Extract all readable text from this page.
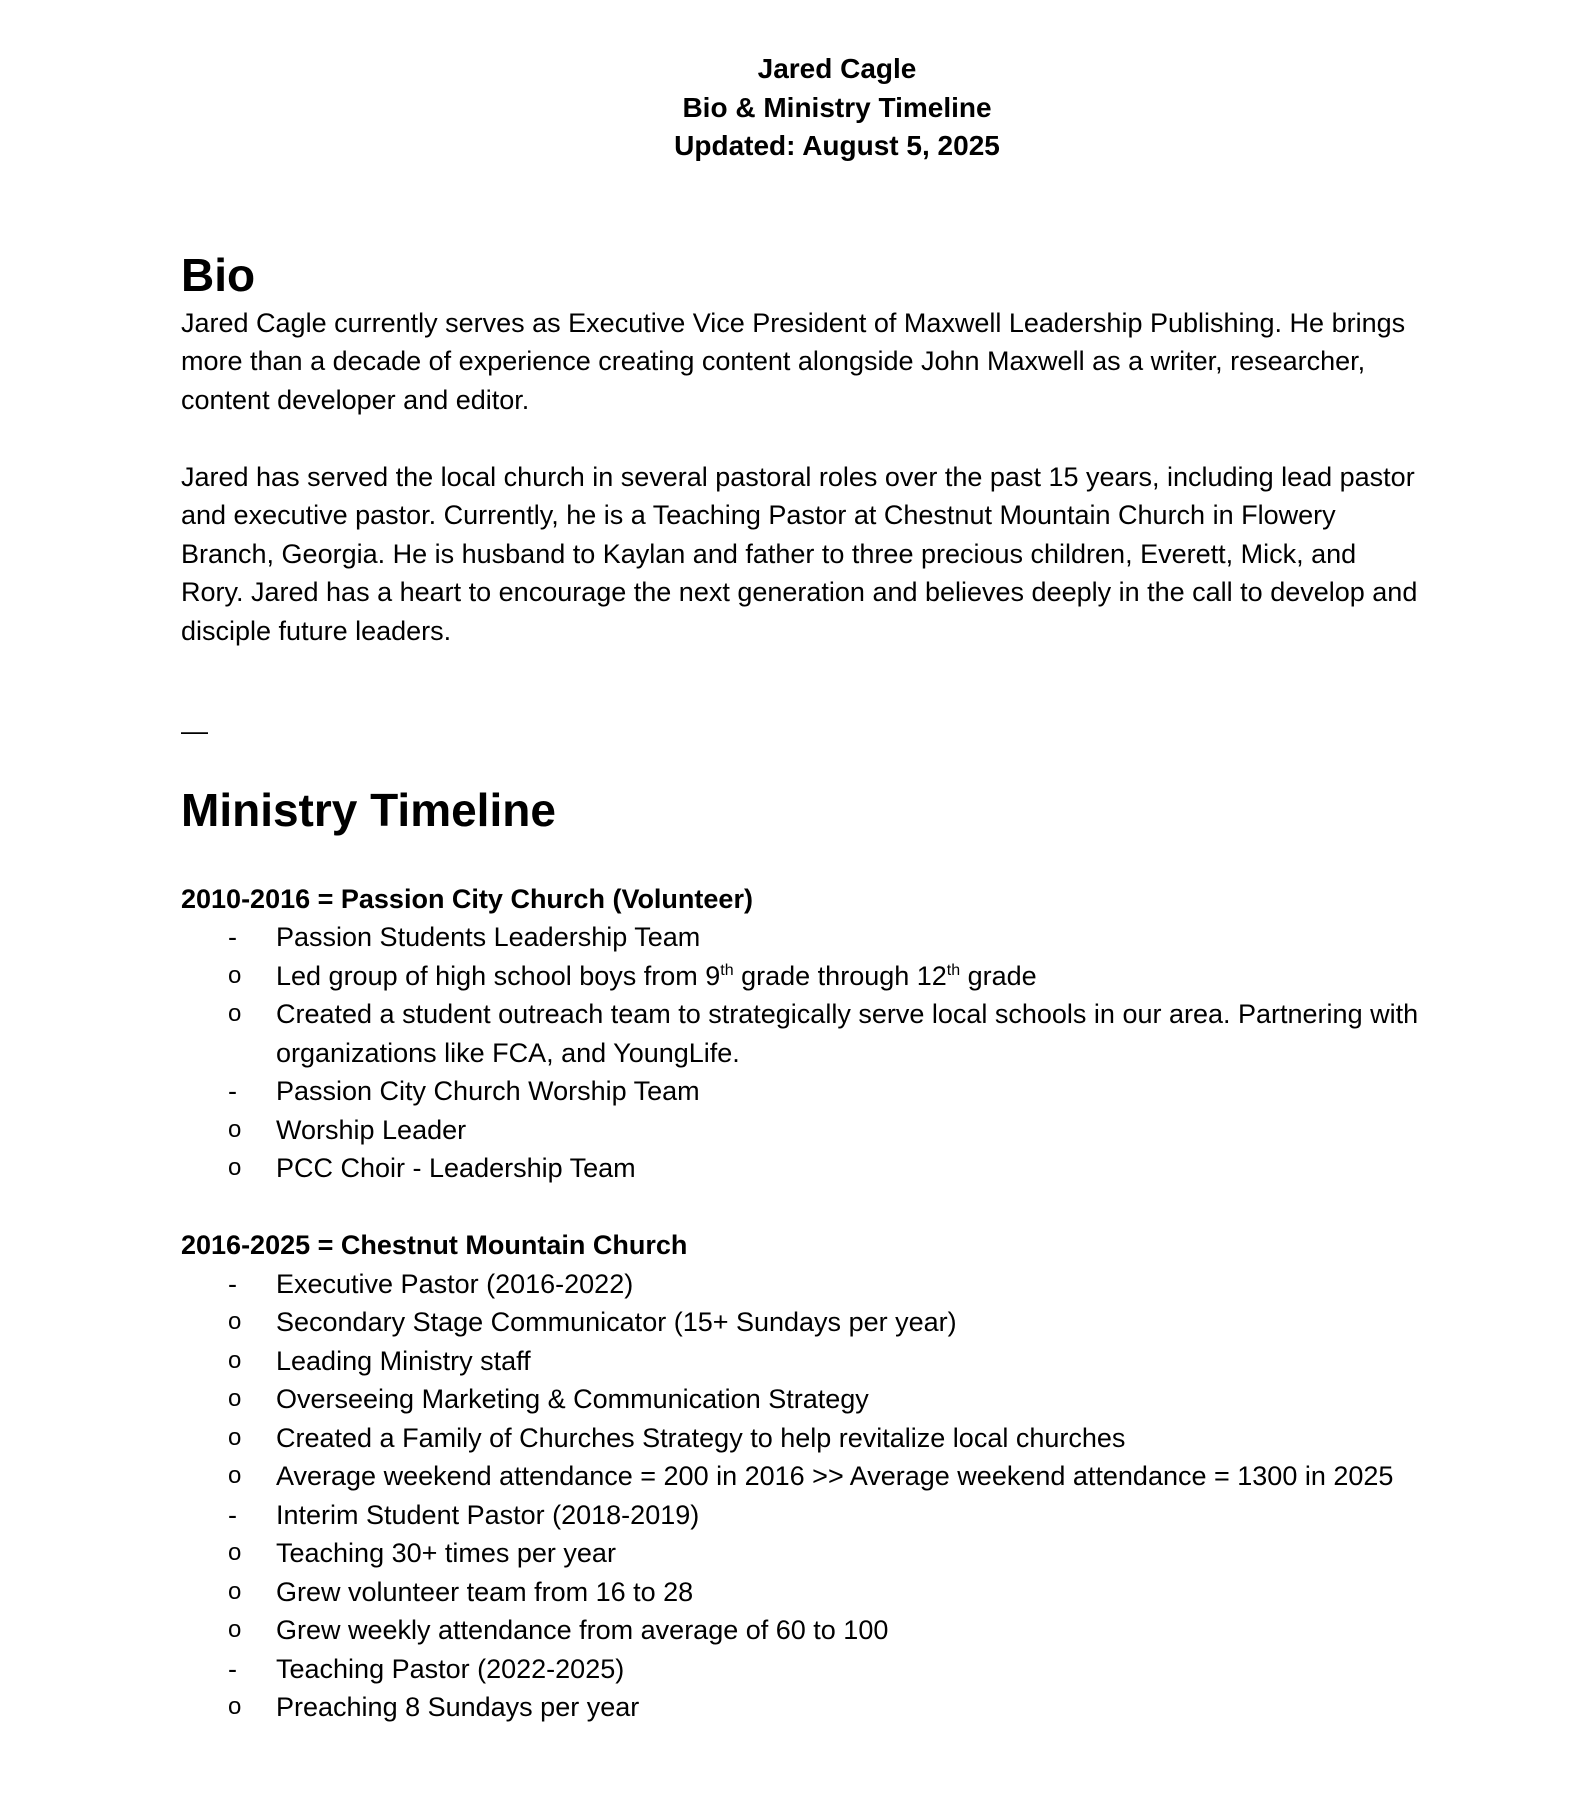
Jared Cagle
Bio & Ministry Timeline
Updated: August 5, 2025
Bio

Jared Cagle currently serves as Executive Vice President of Maxwell Leadership Publishing. He brings more than a decade of experience creating content alongside John Maxwell as a writer, researcher, content developer and editor.

Jared has served the local church in several pastoral roles over the past 15 years, including lead pastor and executive pastor. Currently, he is a Teaching Pastor at Chestnut Mountain Church in Flowery Branch, Georgia. He is husband to Kaylan and father to three precious children, Everett, Mick, and Rory. Jared has a heart to encourage the next generation and believes deeply in the call to develop and disciple future leaders.

—
Ministry Timeline
2010-2016 = Passion City Church (Volunteer)
- Passion Students Leadership Team
o Led group of high school boys from 9th grade through 12th grade
o Created a student outreach team to strategically serve local schools in our area. Partnering with organizations like FCA, and YoungLife.
- Passion City Church Worship Team
o Worship Leader
o PCC Choir - Leadership Team
2016-2025 = Chestnut Mountain Church
- Executive Pastor (2016-2022)
o Secondary Stage Communicator (15+ Sundays per year)
o Leading Ministry staff
o Overseeing Marketing & Communication Strategy
o Created a Family of Churches Strategy to help revitalize local churches
o Average weekend attendance = 200 in 2016 >> Average weekend attendance = 1300 in 2025
- Interim Student Pastor (2018-2019)
o Teaching 30+ times per year
o Grew volunteer team from 16 to 28
o Grew weekly attendance from average of 60 to 100
- Teaching Pastor (2022-2025)
o Preaching 8 Sundays per year
